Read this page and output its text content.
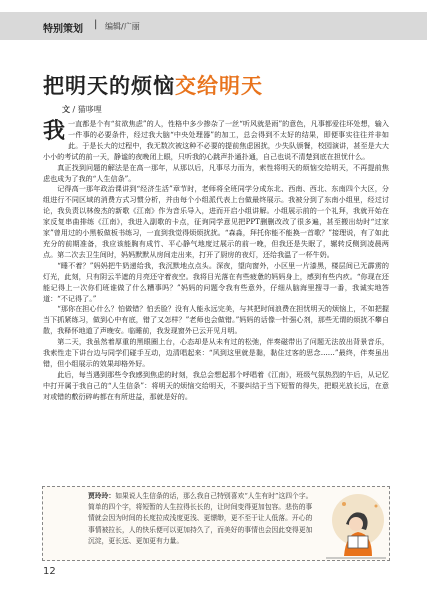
特别策划 | 编辑/广丽
把明天的烦恼交给明天
文 / 猫哆哩

我一直都是个有“贫欲焦虑”的人，性格中多少掺杂了一丝“听风就是雨”的意色，凡事都爱往坏处想，输入一件事的必要条件，经过我大脑“中央处理器”的加工，总会得到不太好的结果，即便事实往往并非如此。于是长大的过程中，我无数次被这种不必要的提前焦虑困扰，少失队颁餐，校园演讲，甚至是大大小小的考试的前一天，静谧的夜晚闭上眼，只听我的心跳声扑通扑通，自己也说不清楚到底在担忧什么。

真正找到问题的解法是在高一那年，从那以后，凡事尽力而为，索性将明天的烦恼交给明天，不再提前焦虑也成为了我的“人生信条”。

记得高一那年政治课讲到“经济生活”章节时，老师将全班同学分成东北、西南、西北、东南四个大区，分组进行不同区域的消费方式习惯分析，并由每个小组派代表上台做最终展示。我被分到了东南小组里，经过讨论，我负责以林俊杰的新歌《江南》作为音乐导入，进而开启小组讲解。小组展示前的一个礼拜，我就开始在家反复串曲排练《江南》，我进入副歌的卡点，征询同学意见把PPT删删改改了很多遍，甚至搬出幼时“过家家”曾用过的小黑板做板书练习，一直到我觉得烦烦扰扰。“森淼，拜托你能不能换一首歌？”接理说，有了如此充分的前期准备，我应该能胸有成竹、平心静气地度过展示的前一晚，但我还是失眠了，辗转反侧到凌晨两点。第二次去卫生间时，妈妈默默从房间走出来，打开了厨房的夜灯，还给我温了一杯牛奶。

“睡不着？”妈妈把牛奶递给我，我沉默地点点头。深夜，望向窗外，小区里一片漆黑，楼层间已无霹雳的灯光，此刻，只有阴云半遮的月亮还守着夜空。我将目光落在有些疲惫的妈妈身上，感到有些内疚。“你现在还能记得上一次你们班谁做了什么糟事吗？”妈妈的问题令我有些意外，仔细从脑海里搜寻一番，我诚实地答道：“不记得了。”

“那你在担心什么？怕做错？怕丢脸？没有人能永远完美，与其把时间浪费在担忧明天的烦恼上，不如把握当下抓紧练习，做到心中有底，错了又怎样？”老师也会做错。”妈妈的话像一针强心剂，那些无谓的烦扰不攀自散，我释怀地道了声晚安。临睡前，我发现窗外已云开见月明。

第二天，我虽然着厚重的黑眼圈上台，心态却是从未有过的松弛，伴奏磁带出了问题无法放出背景音乐，我索性走下讲台边与同学们碰手互动，边清唱起来：“风到这里就是黏，黏住过客的思念……”最终，伴奏虽出错，但小组展示的效果却格外好。

此后，每当遇到那些令我感到焦虑的时刻，我总会想起那个呼唱着《江南》，班级气氛热烈的午后，从记忆中打开属于我自己的“人生信条”：将明天的烦恼交给明天，不要纠结于当下短暂的得失，把眼光放长远，在意对或错的敷衍碎屿都在有所进益，那就是好的。

贾玲玲：如果说人生信条的话，那么我自己特别喜欢“人生有时”这四个字。简单的四个字，将短暂的人生拉得长长的，让时间变得更加包容。悲伤的事情就会因为时间的长度拉成浅度更浅、更缥缈，更不至于让人低落。开心的事情被拉长，人的快乐便可以更加持久了，而美好的事情也会因此变得更加沉淀，更长远、更加更有力量。
12
